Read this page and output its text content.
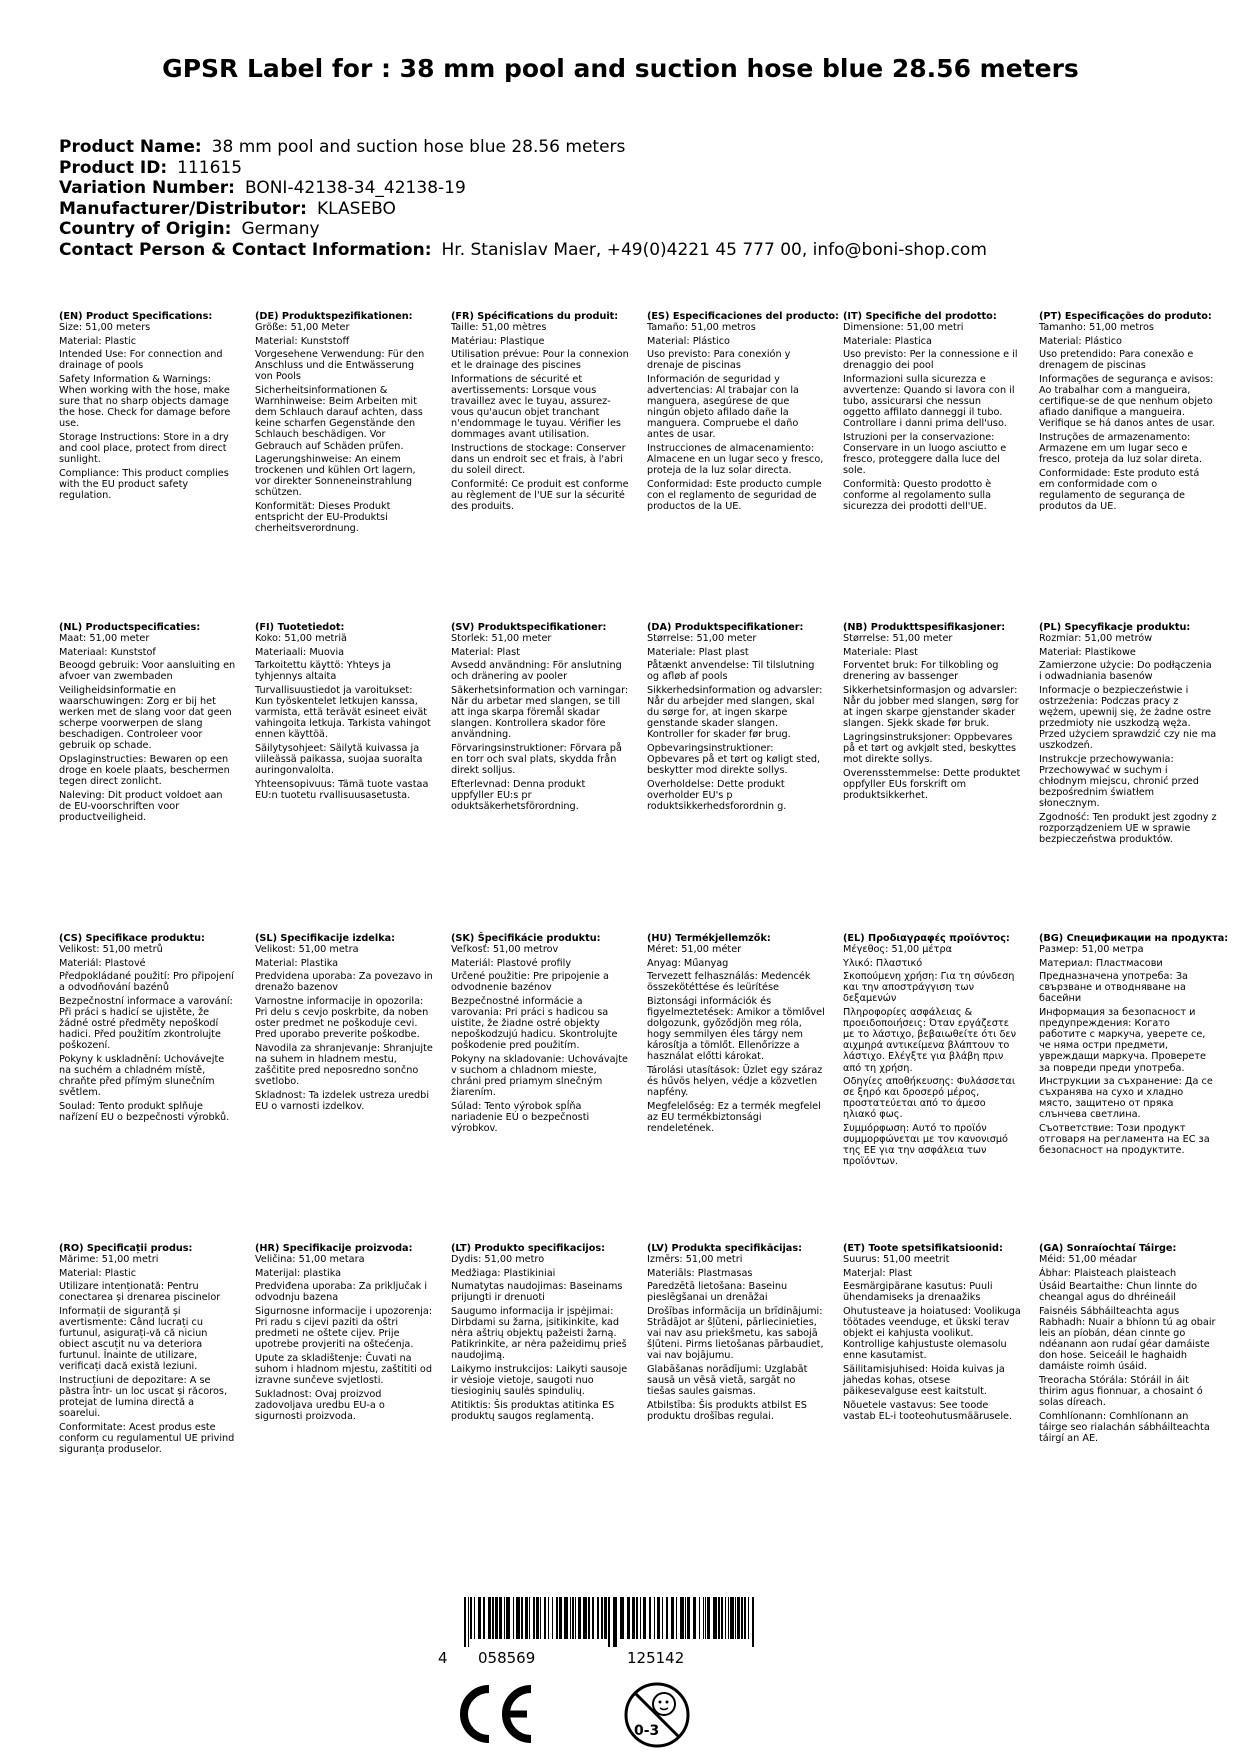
GPSR Label for : 38 mm pool and suction hose blue 28.56 meters
Product Name: 38 mm pool and suction hose blue 28.56 meters
Product ID: 111615
Variation Number: BONI-42138-34_42138-19
Manufacturer/Distributor: KLASEBO
Country of Origin: Germany
Contact Person & Contact Information: Hr. Stanislav Maer, +49(0)4221 45 777 00, info@boni-shop.com
(EN) Product Specifications:
Size: 51,00 meters
Material: Plastic
Intended Use: For connection and drainage of pools
Safety Information & Warnings: When working with the hose, make sure that no sharp objects damage the hose. Check for damage before use.
Storage Instructions: Store in a dry and cool place, protect from direct sunlight.
Compliance: This product complies with the EU product safety regulation.
(DE) Produktspezifikationen:
Größe: 51,00 Meter
Material: Kunststoff
Vorgesehene Verwendung: Für den Anschluss und die Entwässerung von Pools
Sicherheitsinformationen & Warnhinweise: Beim Arbeiten mit dem Schlauch darauf achten, dass keine scharfen Gegenstände den Schlauch beschädigen. Vor Gebrauch auf Schäden prüfen.
Lagerungshinweise: An einem trockenen und kühlen Ort lagern, vor direkter Sonneneinstrahlung schützen.
Konformität: Dieses Produkt entspricht der EU-Produktsi cherheitsverordnung.
(FR) Spécifications du produit:
Taille: 51,00 mètres
Matériau: Plastique
Utilisation prévue: Pour la connexion et le drainage des piscines
Informations de sécurité et avertissements: Lorsque vous travaillez avec le tuyau, assurez-vous qu'aucun objet tranchant n'endommage le tuyau. Vérifier les dommages avant utilisation.
Instructions de stockage: Conserver dans un endroit sec et frais, à l'abri du soleil direct.
Conformité: Ce produit est conforme au règlement de l'UE sur la sécurité des produits.
(ES) Especificaciones del producto:
Tamaño: 51,00 metros
Material: Plástico
Uso previsto: Para conexión y drenaje de piscinas
Información de seguridad y advertencias: Al trabajar con la manguera, asegúrese de que ningún objeto afilado dañe la manguera. Compruebe el daño antes de usar.
Instrucciones de almacenamiento: Almacene en un lugar seco y fresco, proteja de la luz solar directa.
Conformidad: Este producto cumple con el reglamento de seguridad de productos de la UE.
(IT) Specifiche del prodotto:
Dimensione: 51,00 metri
Materiale: Plastica
Uso previsto: Per la connessione e il drenaggio dei pool
Informazioni sulla sicurezza e avvertenze: Quando si lavora con il tubo, assicurarsi che nessun oggetto affilato danneggi il tubo. Controllare i danni prima dell'uso.
Istruzioni per la conservazione: Conservare in un luogo asciutto e fresco, proteggere dalla luce del sole.
Conformità: Questo prodotto è conforme al regolamento sulla sicurezza dei prodotti dell'UE.
(PT) Especificações do produto:
Tamanho: 51,00 metros
Material: Plástico
Uso pretendido: Para conexão e drenagem de piscinas
Informações de segurança e avisos: Ao trabalhar com a mangueira, certifique-se de que nenhum objeto afiado danifique a mangueira. Verifique se há danos antes de usar.
Instruções de armazenamento: Armazene em um lugar seco e fresco, proteja da luz solar direta.
Conformidade: Este produto está em conformidade com o regulamento de segurança de produtos da UE.
(NL) Productspecificaties:
Maat: 51,00 meter
Materiaal: Kunststof
Beoogd gebruik: Voor aansluiting en afvoer van zwembaden
Veiligheidsinformatie en waarschuwingen: Zorg er bij het werken met de slang voor dat geen scherpe voorwerpen de slang beschadigen. Controleer voor gebruik op schade.
Opslaginstructies: Bewaren op een droge en koele plaats, beschermen tegen direct zonlicht.
Naleving: Dit product voldoet aan de EU-voorschriften voor productveiligheid.
(FI) Tuotetiedot:
Koko: 51,00 metriä
Materiaali: Muovia
Tarkoitettu käyttö: Yhteys ja tyhjennys altaita
Turvallisuustiedot ja varoitukset: Kun työskentelet letkujen kanssa, varmista, että terävät esineet eivät vahingoita letkuja. Tarkista vahingot ennen käyttöä.
Säilytysohjeet: Säilytä kuivassa ja viileässä paikassa, suojaa suoralta auringonvalolta.
Yhteensopivuus: Tämä tuote vastaa EU:n tuotetu rvallisuusasetusta.
(SV) Produktspecifikationer:
Storlek: 51,00 meter
Material: Plast
Avsedd användning: För anslutning och dränering av pooler
Säkerhetsinformation och varningar: När du arbetar med slangen, se till att inga skarpa föremål skadar slangen. Kontrollera skador före användning.
Förvaringsinstruktioner: Förvara på en torr och sval plats, skydda från direkt solljus.
Efterlevnad: Denna produkt uppfyller EU:s pr oduktsäkerhetsförordning.
(DA) Produktspecifikationer:
Størrelse: 51,00 meter
Materiale: Plast plast
Påtænkt anvendelse: Til tilslutning og afløb af pools
Sikkerhedsinformation og advarsler: Når du arbejder med slangen, skal du sørge for, at ingen skarpe genstande skader slangen. Kontroller for skader før brug.
Opbevaringsinstruktioner: Opbevares på et tørt og køligt sted, beskytter mod direkte sollys.
Overholdelse: Dette produkt overholder EU's p roduktsikkerhedsforordnin g.
(NB) Produkttspesifikasjoner:
Størrelse: 51,00 meter
Materiale: Plast
Forventet bruk: For tilkobling og drenering av bassenger
Sikkerhetsinformasjon og advarsler: Når du jobber med slangen, sørg for at ingen skarpe gjenstander skader slangen. Sjekk skade før bruk.
Lagringsinstruksjoner: Oppbevares på et tørt og avkjølt sted, beskyttes mot direkte sollys.
Overensstemmelse: Dette produktet oppfyller EUs forskrift om produktsikkerhet.
(PL) Specyfikacje produktu:
Rozmiar: 51,00 metrów
Materiał: Plastikowe
Zamierzone użycie: Do podłączenia i odwadniania basenów
Informacje o bezpieczeństwie i ostrzeżenia: Podczas pracy z wężem, upewnij się, że żadne ostre przedmioty nie uszkodzą węża. Przed użyciem sprawdzić czy nie ma uszkodzeń.
Instrukcje przechowywania: Przechowywać w suchym i chłodnym miejscu, chronić przed bezpośrednim światłem słonecznym.
Zgodność: Ten produkt jest zgodny z rozporządzeniem UE w sprawie bezpieczeństwa produktów.
(CS) Specifikace produktu:
Velikost: 51,00 metrů
Materiál: Plastové
Předpokládané použití: Pro připojení a odvodňování bazénů
Bezpečnostní informace a varování: Při práci s hadicí se ujistěte, že žádné ostré předměty nepoškodí hadici. Před použitím zkontrolujte poškození.
Pokyny k uskladnění: Uchovávejte na suchém a chladném místě, chraňte před přímým slunečním světlem.
Soulad: Tento produkt splňuje nařízení EU o bezpečnosti výrobků.
(SL) Specifikacije izdelka:
Velikost: 51,00 metra
Material: Plastika
Predvidena uporaba: Za povezavo in drenažo bazenov
Varnostne informacije in opozorila: Pri delu s cevjo poskrbite, da noben oster predmet ne poškoduje cevi. Pred uporabo preverite poškodbe.
Navodila za shranjevanje: Shranjujte na suhem in hladnem mestu, zaščitite pred neposredno sončno svetlobo.
Skladnost: Ta izdelek ustreza uredbi EU o varnosti izdelkov.
(SK) Špecifikácie produktu:
Veľkosť: 51,00 metrov
Materiál: Plastové profily
Určené použitie: Pre pripojenie a odvodnenie bazénov
Bezpečnostné informácie a varovania: Pri práci s hadicou sa uistite, že žiadne ostré objekty nepoškodzujú hadicu. Skontrolujte poškodenie pred použitím.
Pokyny na skladovanie: Uchovávajte v suchom a chladnom mieste, chráni pred priamym slnečným žiarením.
Súlad: Tento výrobok spĺňa nariadenie EÚ o bezpečnosti výrobkov.
(HU) Termékjellemzők:
Méret: 51,00 méter
Anyag: Műanyag
Tervezett felhasználás: Medencék összekötéttése és leürítése
Biztonsági információk és figyelmeztetések: Amikor a tömlővel dolgozunk, győződjön meg róla, hogy semmilyen éles tárgy nem károsítja a tömlőt. Ellenőrizze a használat előtti károkat.
Tárolási utasítások: Üzlet egy száraz és hűvös helyen, védje a közvetlen napfény.
Megfelelőség: Ez a termék megfelel az EU termékbiztonsági rendeletének.
(EL) Προδιαγραφές προϊόντος:
Μέγεθος: 51,00 μέτρα
Υλικό: Πλαστικό
Σκοπούμενη χρήση: Για τη σύνδεση και την αποστράγγιση των δεξαμενών
Πληροφορίες ασφάλειας & προειδοποιήσεις: Όταν εργάζεστε με το λάστιχο, βεβαιωθείτε ότι δεν αιχμηρά αντικείμενα βλάπτουν το λάστιχο. Ελέγξτε για βλάβη πριν από τη χρήση.
Οδηγίες αποθήκευσης: Φυλάσσεται σε ξηρό και δροσερό μέρος, προστατεύεται από το άμεσο ηλιακό φως.
Συμμόρφωση: Αυτό το προϊόν συμμορφώνεται με τον κανονισμό της ΕΕ για την ασφάλεια των προϊόντων.
(BG) Спецификации на продукта:
Размер: 51,00 метра
Материал: Пластмасови
Предназначена употреба: За свързване и отводняване на басейни
Информация за безопасност и предупреждения: Когато работите с маркуча, уверете се, че няма остри предмети, увреждащи маркуча. Проверете за повреди преди употреба.
Инструкции за съхранение: Да се съхранява на сухо и хладно място, защитено от пряка слънчева светлина.
Съответствие: Този продукт отговаря на регламента на ЕС за безопасност на продуктите.
(RO) Specificații produs:
Mărime: 51,00 metri
Material: Plastic
Utilizare intenționată: Pentru conectarea și drenarea piscinelor
Informații de siguranță și avertismente: Când lucrați cu furtunul, asigurați-vă că niciun obiect ascuțit nu va deteriora furtunul. Înainte de utilizare, verificați dacă există leziuni.
Instrucțiuni de depozitare: A se păstra într- un loc uscat și răcoros, protejat de lumina directă a soarelui.
Conformitate: Acest produs este conform cu regulamentul UE privind siguranța produselor.
(HR) Specifikacije proizvoda:
Veličina: 51,00 metara
Materijal: plastika
Predviđena uporaba: Za priključak i odvodnju bazena
Sigurnosne informacije i upozorenja: Pri radu s cijevi paziti da oštri predmeti ne oštete cijev. Prije upotrebe provjeriti na oštećenja.
Upute za skladištenje: Čuvati na suhom i hladnom mjestu, zaštititi od izravne sunčeve svjetlosti.
Sukladnost: Ovaj proizvod zadovoljava uredbu EU-a o sigurnosti proizvoda.
(LT) Produkto specifikacijos:
Dydis: 51,00 metro
Medžiaga: Plastikiniai
Numatytas naudojimas: Baseinams prijungti ir drenuoti
Saugumo informacija ir įspėjimai: Dirbdami su žarna, įsitikinkite, kad nėra aštrių objektų pažeisti žarną. Patikrinkite, ar nėra pažeidimų prieš naudojimą.
Laikymo instrukcijos: Laikyti sausoje ir vėsioje vietoje, saugoti nuo tiesioginių saulės spindulių.
Atitiktis: Šis produktas atitinka ES produktų saugos reglamentą.
(LV) Produkta specifikācijas:
Izmērs: 51,00 metri
Materiāls: Plastmasas
Paredzētā lietošana: Baseinu pieslēgšanai un drenāžai
Drošības informācija un brīdinājumi: Strādājot ar šļūteni, pārliecinieties, vai nav asu priekšmetu, kas sabojā šļūteni. Pirms lietošanas pārbaudiet, vai nav bojājumu.
Glabāšanas norādījumi: Uzglabāt sausā un vēsā vietā, sargāt no tiešas saules gaismas.
Atbilstība: Šis produkts atbilst ES produktu drošības regulai.
(ET) Toote spetsifikatsioonid:
Suurus: 51,00 meetrit
Materjal: Plast
Eesmärgipärane kasutus: Puuli ühendamiseks ja drenaažiks
Ohutusteave ja hoiatused: Voolikuga töötades veenduge, et ükski terav objekt ei kahjusta voolikut. Kontrollige kahjustuste olemasolu enne kasutamist.
Säilitamisjuhised: Hoida kuivas ja jahedas kohas, otsese päikesevalguse eest kaitstult.
Nõuetele vastavus: See toode vastab EL-i tooteohutusmäärusele.
(GA) Sonraíochtaí Táirge:
Méid: 51,00 méadar
Ábhar: Plaisteach plaisteach
Úsáid Beartaithe: Chun linnte do cheangal agus do dhréineáil
Faisnéis Sábháilteachta agus Rabhadh: Nuair a bhíonn tú ag obair leis an píobán, déan cinnte go ndéanann aon rudaí géar damáiste don hose. Seiceáil le haghaidh damáiste roimh úsáid.
Treoracha Stórála: Stóráil in áit thirim agus fionnuar, a chosaint ó solas díreach.
Comhlíonann: Comhlíonann an táirge seo rialachán sábháilteachta táirgí an AE.
4 058569	125142
0-3
